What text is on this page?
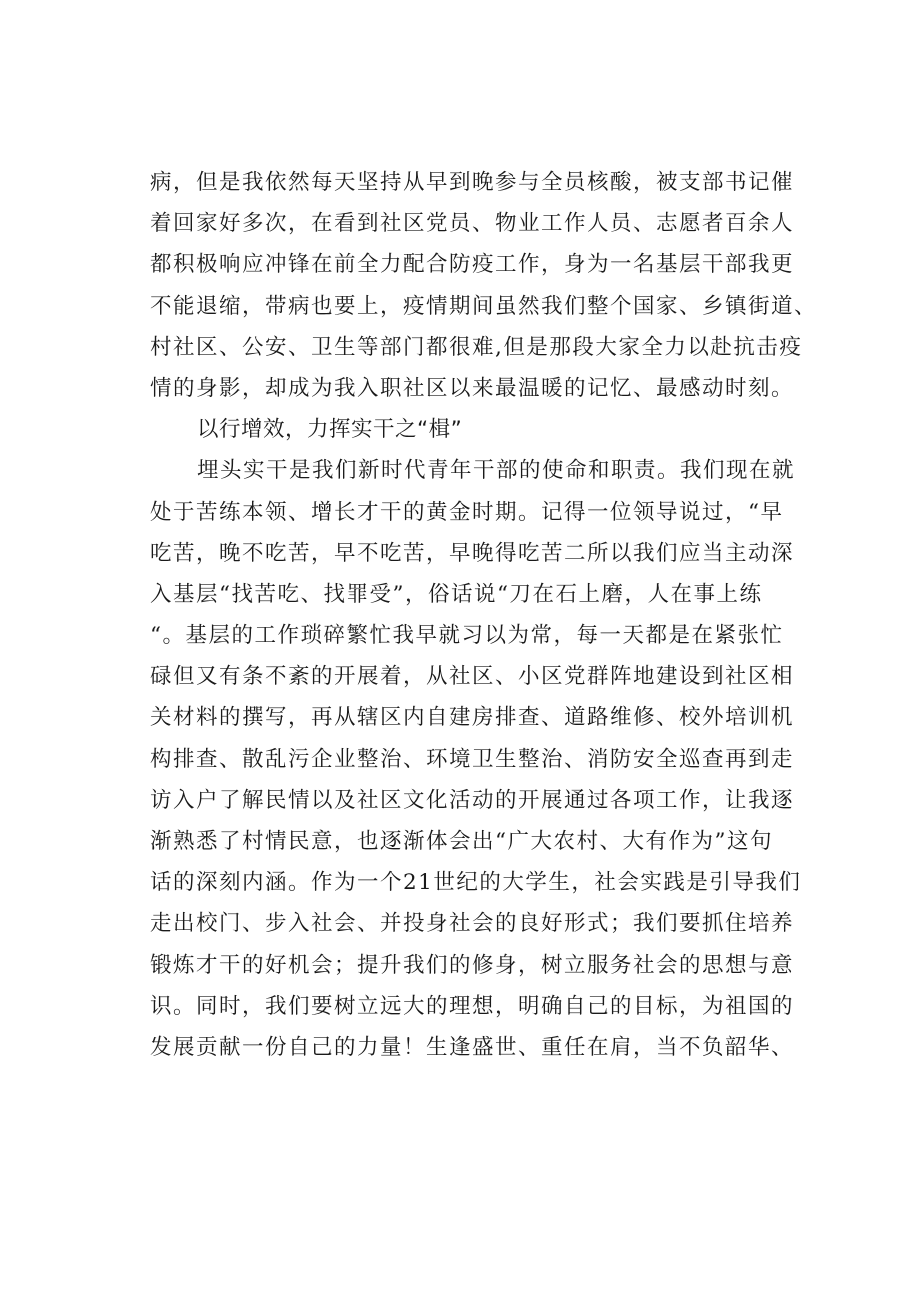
病，但是我依然每天坚持从早到晚参与全员核酸，被支部书记催
着回家好多次，在看到社区党员、物业工作人员、志愿者百余人
都积极响应冲锋在前全力配合防疫工作，身为一名基层干部我更
不能退缩，带病也要上，疫情期间虽然我们整个国家、乡镇街道、
村社区、公安、卫生等部门都很难,但是那段大家全力以赴抗击疫
情的身影，却成为我入职社区以来最温暖的记忆、最感动时刻。
以行增效，力挥实干之“楫”
埋头实干是我们新时代青年干部的使命和职责。我们现在就
处于苦练本领、增长才干的黄金时期。记得一位领导说过，“早
吃苦，晚不吃苦，早不吃苦，早晚得吃苦二所以我们应当主动深
入基层“找苦吃、找罪受”，俗话说“刀在石上磨，人在事上练
“。基层的工作琐碎繁忙我早就习以为常，每一天都是在紧张忙
碌但又有条不紊的开展着，从社区、小区党群阵地建设到社区相
关材料的撰写，再从辖区内自建房排查、道路维修、校外培训机
构排查、散乱污企业整治、环境卫生整治、消防安全巡查再到走
访入户了解民情以及社区文化活动的开展通过各项工作，让我逐
渐熟悉了村情民意，也逐渐体会出“广大农村、大有作为”这句
话的深刻内涵。作为一个21世纪的大学生，社会实践是引导我们
走出校门、步入社会、并投身社会的良好形式；我们要抓住培养
锻炼才干的好机会；提升我们的修身，树立服务社会的思想与意
识。同时，我们要树立远大的理想，明确自己的目标，为祖国的
发展贡献一份自己的力量！生逢盛世、重任在肩，当不负韶华、
